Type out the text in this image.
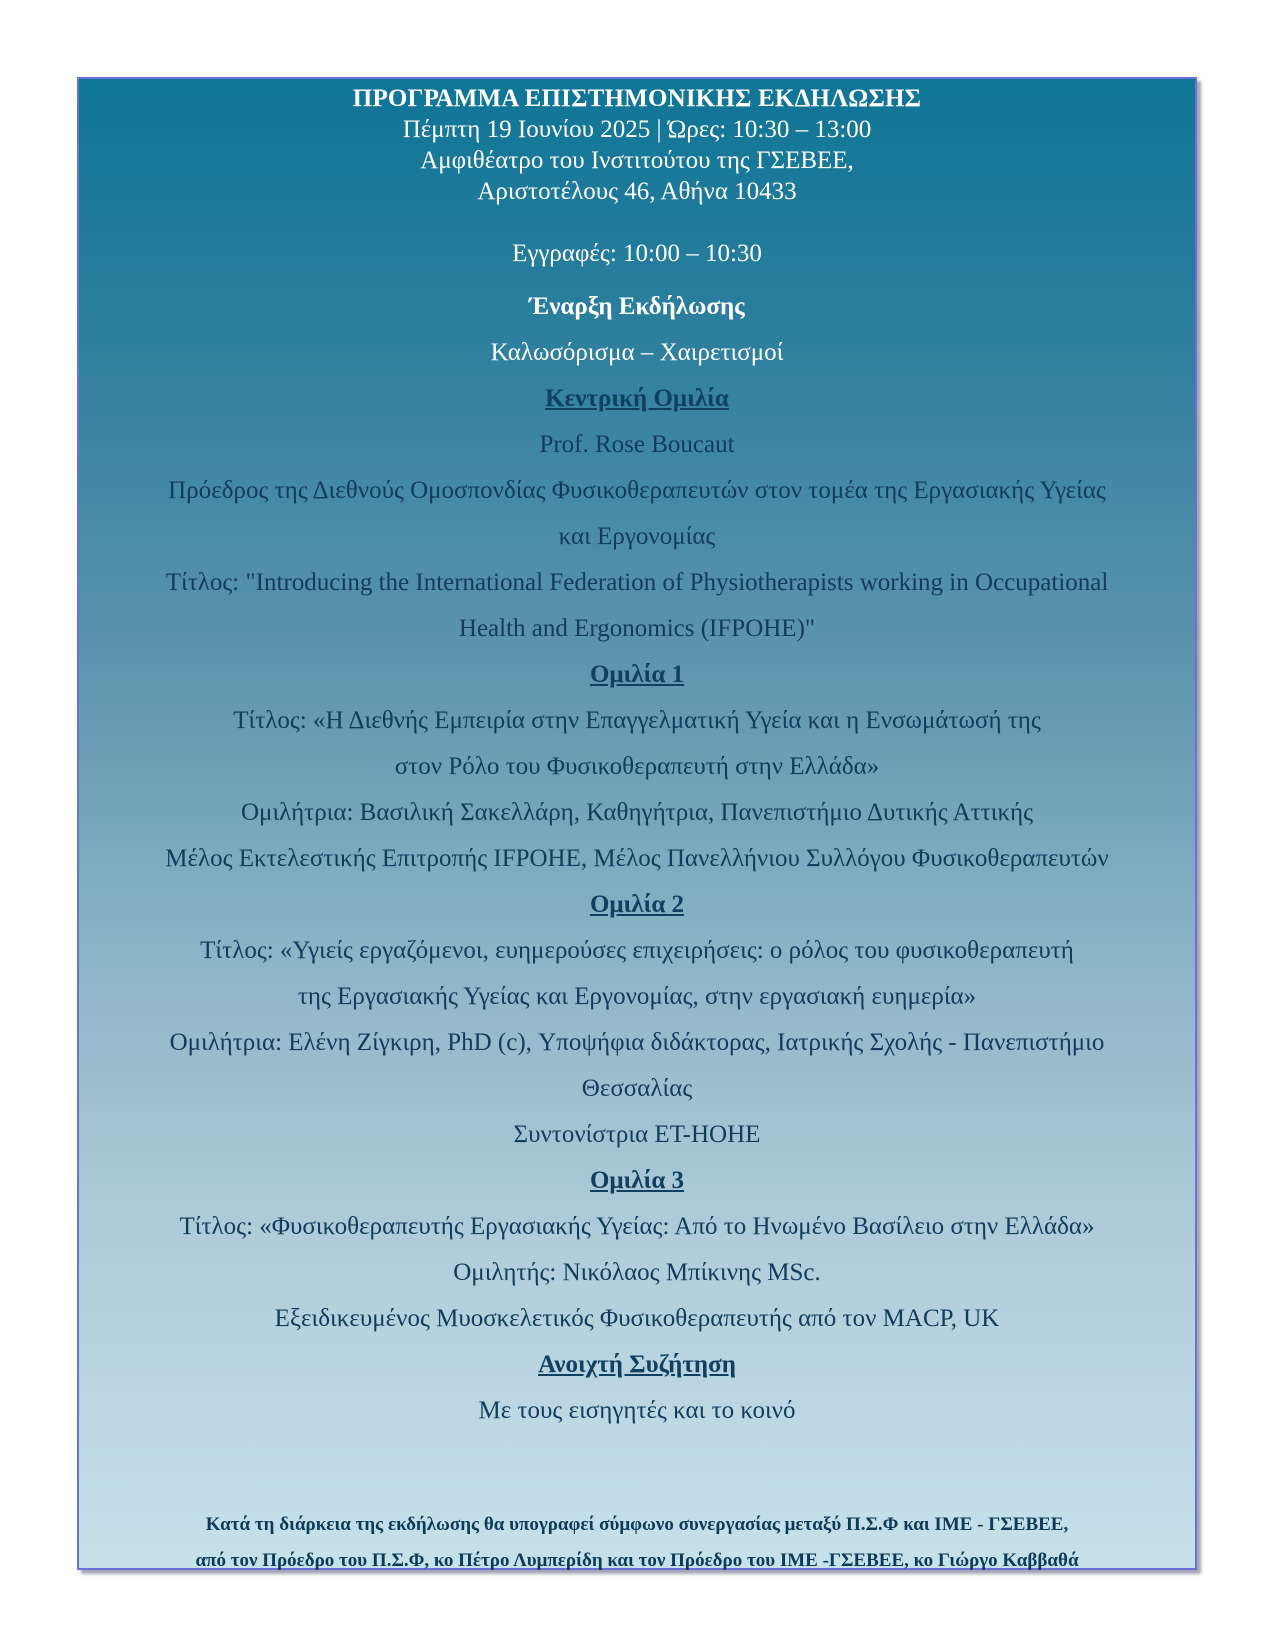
ΠΡΟΓΡΑΜΜΑ ΕΠΙΣΤΗΜΟΝΙΚΗΣ ΕΚΔΗΛΩΣΗΣ
Πέμπτη 19 Ιουνίου 2025 | Ώρες: 10:30 – 13:00
Αμφιθέατρο του Ινστιτούτου της ΓΣΕΒΕΕ,
Αριστοτέλους 46, Αθήνα 10433
Εγγραφές: 10:00 – 10:30
Έναρξη Εκδήλωσης
Καλωσόρισμα – Χαιρετισμοί
Κεντρική Ομιλία
Prof. Rose Boucaut
Πρόεδρος της Διεθνούς Ομοσπονδίας Φυσικοθεραπευτών στον τομέα της Εργασιακής Υγείας
και Εργονομίας
Τίτλος: "Introducing the International Federation of Physiotherapists working in Occupational
Health and Ergonomics (IFPOHE)"
Ομιλία 1
Τίτλος: «Η Διεθνής Εμπειρία στην Επαγγελματική Υγεία και η Ενσωμάτωσή της
στον Ρόλο του Φυσικοθεραπευτή στην Ελλάδα»
Ομιλήτρια: Βασιλική Σακελλάρη, Καθηγήτρια, Πανεπιστήμιο Δυτικής Αττικής
Μέλος Εκτελεστικής Επιτροπής IFPOHE, Μέλος Πανελλήνιου Συλλόγου Φυσικοθεραπευτών
Ομιλία 2
Τίτλος: «Υγιείς εργαζόμενοι, ευημερούσες επιχειρήσεις: ο ρόλος του φυσικοθεραπευτή
της Εργασιακής Υγείας και Εργονομίας, στην εργασιακή ευημερία»
Ομιλήτρια: Ελένη Ζίγκιρη, PhD (c), Υποψήφια διδάκτορας, Ιατρικής Σχολής - Πανεπιστήμιο
Θεσσαλίας
Συντονίστρια ET-HOHE
Ομιλία 3
Τίτλος: «Φυσικοθεραπευτής Εργασιακής Υγείας: Από το Ηνωμένο Βασίλειο στην Ελλάδα»
Ομιλητής: Νικόλαος Μπίκινης MSc.
Εξειδικευμένος Μυοσκελετικός Φυσικοθεραπευτής από τον MACP, UK
Ανοιχτή Συζήτηση
Με τους εισηγητές και το κοινό
Κατά τη διάρκεια της εκδήλωσης θα υπογραφεί σύμφωνο συνεργασίας μεταξύ Π.Σ.Φ και ΙΜΕ - ΓΣΕΒΕΕ,
από τον Πρόεδρο του Π.Σ.Φ, κο Πέτρο Λυμπερίδη και τον Πρόεδρο του ΙΜΕ -ΓΣΕΒΕΕ, κο Γιώργο Καββαθά
